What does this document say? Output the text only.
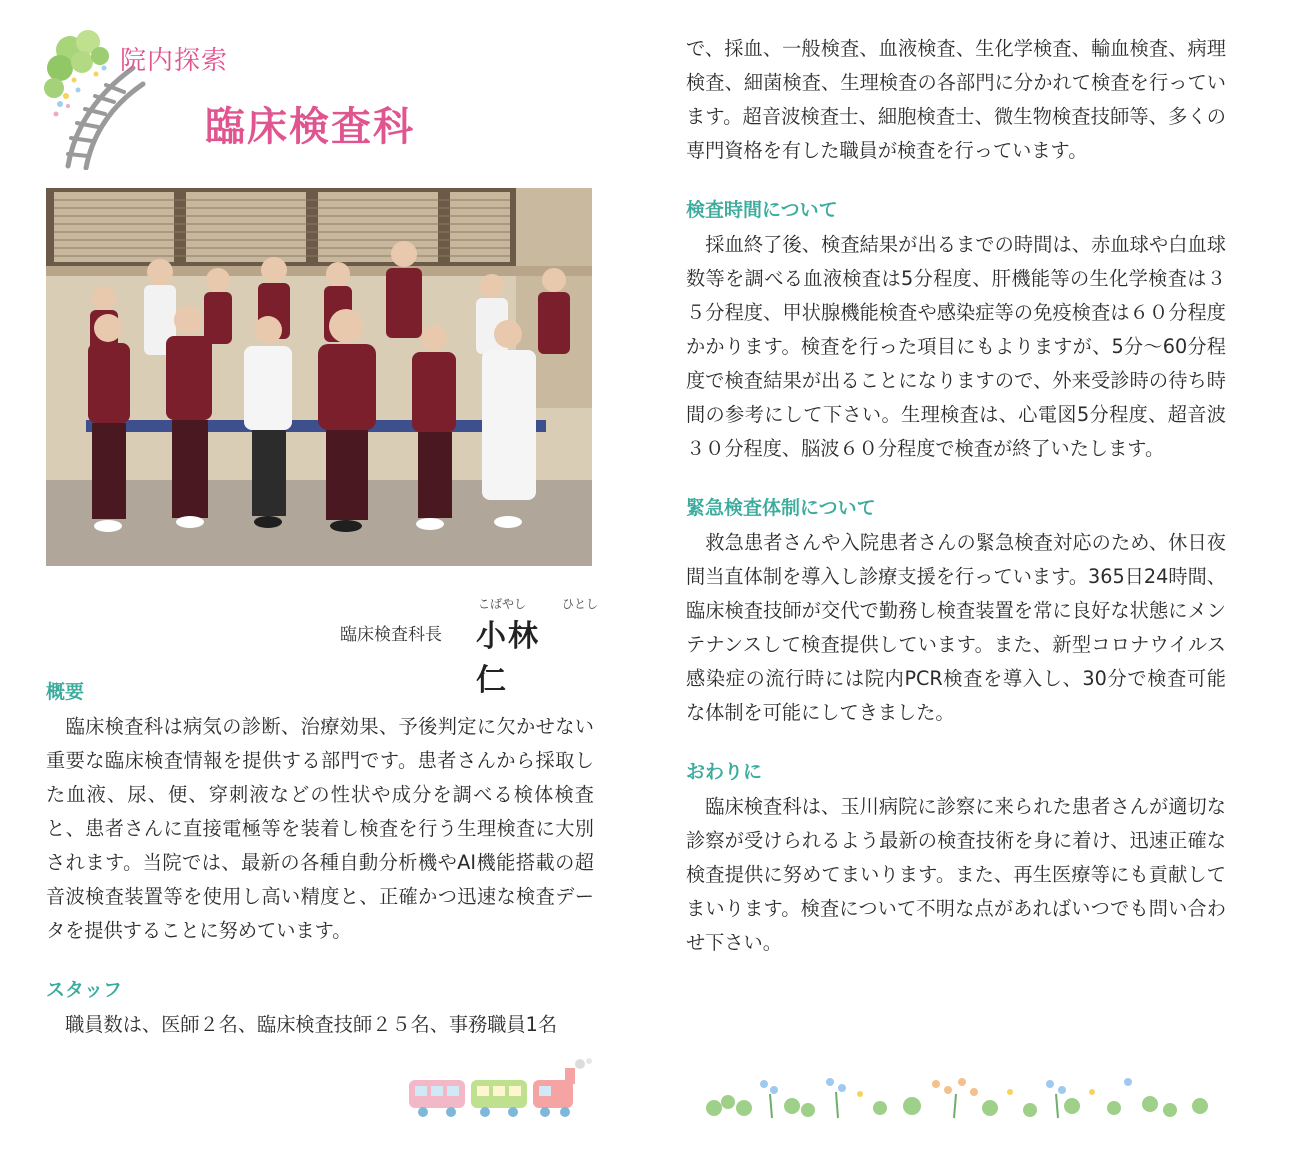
院内探索
臨床検査科
こばやし	ひとし
臨床検査科長 小林　仁
概要

　臨床検査科は病気の診断、治療効果、予後判定に欠かせない重要な臨床検査情報を提供する部門です。患者さんから採取した血液、尿、便、穿刺液などの性状や成分を調べる検体検査と、患者さんに直接電極等を装着し検査を行う生理検査に大別されます。当院では、最新の各種自動分析機やAI機能搭載の超音波検査装置等を使用し高い精度と、正確かつ迅速な検査データを提供することに努めています。

スタッフ

　職員数は、医師２名、臨床検査技師２５名、事務職員1名

で、採血、一般検査、血液検査、生化学検査、輸血検査、病理検査、細菌検査、生理検査の各部門に分かれて検査を行っています。超音波検査士、細胞検査士、微生物検査技師等、多くの専門資格を有した職員が検査を行っています。

検査時間について

　採血終了後、検査結果が出るまでの時間は、赤血球や白血球数等を調べる血液検査は5分程度、肝機能等の生化学検査は３５分程度、甲状腺機能検査や感染症等の免疫検査は６０分程度かかります。検査を行った項目にもよりますが、5分～60分程度で検査結果が出ることになりますので、外来受診時の待ち時間の参考にして下さい。生理検査は、心電図5分程度、超音波３０分程度、脳波６０分程度で検査が終了いたします。

緊急検査体制について

　救急患者さんや入院患者さんの緊急検査対応のため、休日夜間当直体制を導入し診療支援を行っています。365日24時間、臨床検査技師が交代で勤務し検査装置を常に良好な状態にメンテナンスして検査提供しています。また、新型コロナウイルス感染症の流行時には院内PCR検査を導入し、30分で検査可能な体制を可能にしてきました。

おわりに

　臨床検査科は、玉川病院に診察に来られた患者さんが適切な診察が受けられるよう最新の検査技術を身に着け、迅速正確な検査提供に努めてまいります。また、再生医療等にも貢献してまいります。検査について不明な点があればいつでも問い合わせ下さい。
